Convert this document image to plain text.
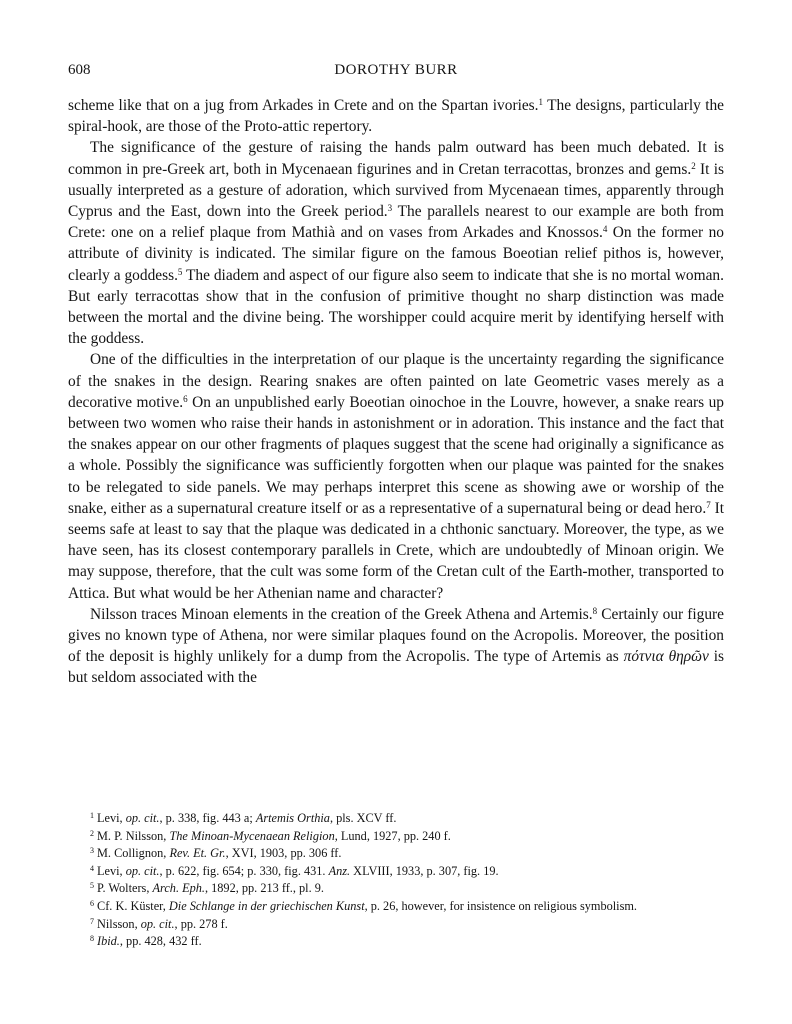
608	DOROTHY BURR

scheme like that on a jug from Arkades in Crete and on the Spartan ivories.$^1$ The designs, particularly the spiral-hook, are those of the Proto-attic repertory.

The significance of the gesture of raising the hands palm outward has been much debated. It is common in pre-Greek art, both in Mycenaean figurines and in Cretan terracottas, bronzes and gems.$^2$ It is usually interpreted as a gesture of adoration, which survived from Mycenaean times, apparently through Cyprus and the East, down into the Greek period.$^3$ The parallels nearest to our example are both from Crete: one on a relief plaque from Mathià and on vases from Arkades and Knossos.$^4$ On the former no attribute of divinity is indicated. The similar figure on the famous Boeotian relief pithos is, however, clearly a goddess.$^5$ The diadem and aspect of our figure also seem to indicate that she is no mortal woman. But early terracottas show that in the confusion of primitive thought no sharp distinction was made between the mortal and the divine being. The worshipper could acquire merit by identifying herself with the goddess.

One of the difficulties in the interpretation of our plaque is the uncertainty regarding the significance of the snakes in the design. Rearing snakes are often painted on late Geometric vases merely as a decorative motive.$^6$ On an unpublished early Boeotian oinochoe in the Louvre, however, a snake rears up between two women who raise their hands in astonishment or in adoration. This instance and the fact that the snakes appear on our other fragments of plaques suggest that the scene had originally a significance as a whole. Possibly the significance was sufficiently forgotten when our plaque was painted for the snakes to be relegated to side panels. We may perhaps interpret this scene as showing awe or worship of the snake, either as a supernatural creature itself or as a representative of a supernatural being or dead hero.$^7$ It seems safe at least to say that the plaque was dedicated in a chthonic sanctuary. Moreover, the type, as we have seen, has its closest contemporary parallels in Crete, which are undoubtedly of Minoan origin. We may suppose, therefore, that the cult was some form of the Cretan cult of the Earth-mother, transported to Attica. But what would be her Athenian name and character?

Nilsson traces Minoan elements in the creation of the Greek Athena and Artemis.$^8$ Certainly our figure gives no known type of Athena, nor were similar plaques found on the Acropolis. Moreover, the position of the deposit is highly unlikely for a dump from the Acropolis. The type of Artemis as πότνια θηρῶν is but seldom associated with the

$^1$ Levi, op. cit., p. 338, fig. 443 a; Artemis Orthia, pls. XCV ff.
$^2$ M. P. Nilsson, The Minoan-Mycenaean Religion, Lund, 1927, pp. 240 f.
$^3$ M. Collignon, Rev. Et. Gr., XVI, 1903, pp. 306 ff.
$^4$ Levi, op. cit., p. 622, fig. 654; p. 330, fig. 431. Anz. XLVIII, 1933, p. 307, fig. 19.
$^5$ P. Wolters, Arch. Eph., 1892, pp. 213 ff., pl. 9.
$^6$ Cf. K. Küster, Die Schlange in der griechischen Kunst, p. 26, however, for insistence on religious symbolism.
$^7$ Nilsson, op. cit., pp. 278 f.
$^8$ Ibid., pp. 428, 432 ff.
